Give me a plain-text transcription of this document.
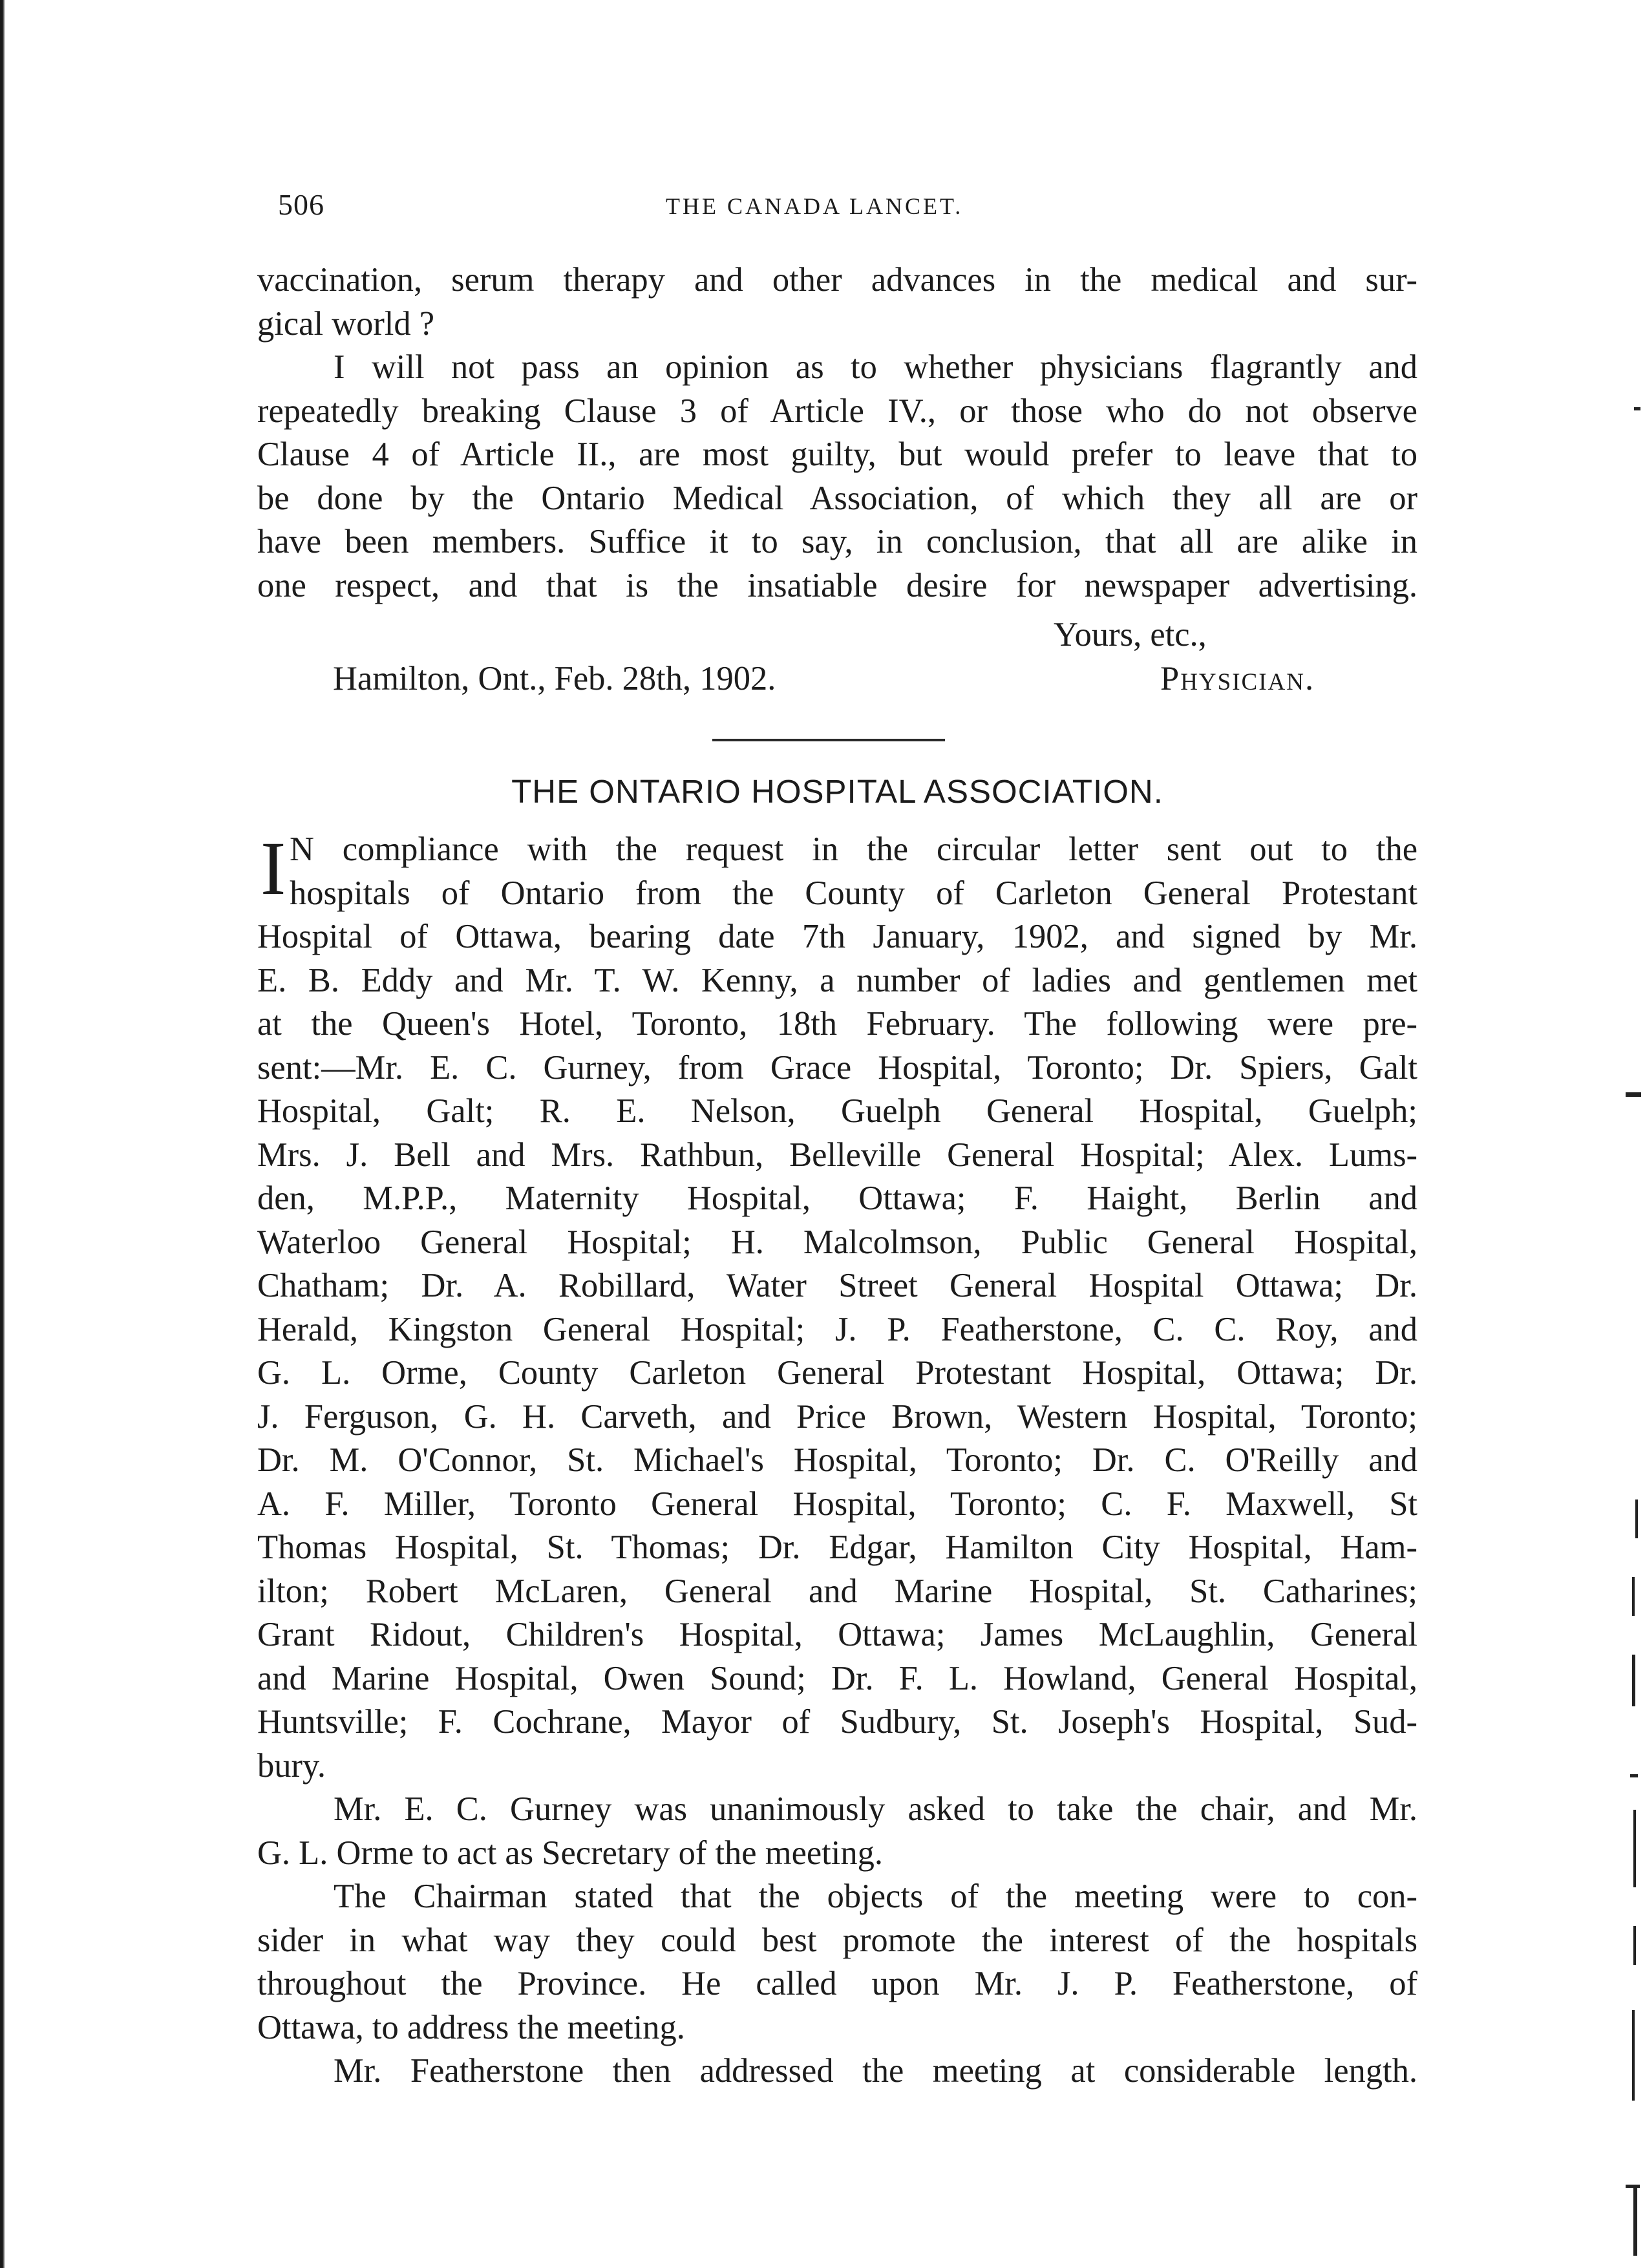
506	THE CANADA LANCET.
vaccination, serum therapy and other advances in the medical and sur-
gical world ?
I will not pass an opinion as to whether physicians flagrantly and
repeatedly breaking Clause 3 of Article IV., or those who do not observe
Clause 4 of Article II., are most guilty, but would prefer to leave that to
be done by the Ontario Medical Association, of which they all are or
have been members. Suffice it to say, in conclusion, that all are alike in
one respect, and that is the insatiable desire for newspaper advertising.
Yours, etc.,
Hamilton, Ont., Feb. 28th, 1902.	Physician.
THE ONTARIO HOSPITAL ASSOCIATION.
I N compliance with the request in the circular letter sent out to the
hospitals of Ontario from the County of Carleton General Protestant
Hospital of Ottawa, bearing date 7th January, 1902, and signed by Mr.
E. B. Eddy and Mr. T. W. Kenny, a number of ladies and gentlemen met
at the Queen's Hotel, Toronto, 18th February. The following were pre-
sent:—Mr. E. C. Gurney, from Grace Hospital, Toronto; Dr. Spiers, Galt
Hospital, Galt; R. E. Nelson, Guelph General Hospital, Guelph;
Mrs. J. Bell and Mrs. Rathbun, Belleville General Hospital; Alex. Lums-
den, M.P.P., Maternity Hospital, Ottawa; F. Haight, Berlin and
Waterloo General Hospital; H. Malcolmson, Public General Hospital,
Chatham; Dr. A. Robillard, Water Street General Hospital Ottawa; Dr.
Herald, Kingston General Hospital; J. P. Featherstone, C. C. Roy, and
G. L. Orme, County Carleton General Protestant Hospital, Ottawa; Dr.
J. Ferguson, G. H. Carveth, and Price Brown, Western Hospital, Toronto;
Dr. M. O'Connor, St. Michael's Hospital, Toronto; Dr. C. O'Reilly and
A. F. Miller, Toronto General Hospital, Toronto; C. F. Maxwell, St
Thomas Hospital, St. Thomas; Dr. Edgar, Hamilton City Hospital, Ham-
ilton; Robert McLaren, General and Marine Hospital, St. Catharines;
Grant Ridout, Children's Hospital, Ottawa; James McLaughlin, General
and Marine Hospital, Owen Sound; Dr. F. L. Howland, General Hospital,
Huntsville; F. Cochrane, Mayor of Sudbury, St. Joseph's Hospital, Sud-
bury.
Mr. E. C. Gurney was unanimously asked to take the chair, and Mr.
G. L. Orme to act as Secretary of the meeting.
The Chairman stated that the objects of the meeting were to con-
sider in what way they could best promote the interest of the hospitals
throughout the Province. He called upon Mr. J. P. Featherstone, of
Ottawa, to address the meeting.
Mr. Featherstone then addressed the meeting at considerable length.
